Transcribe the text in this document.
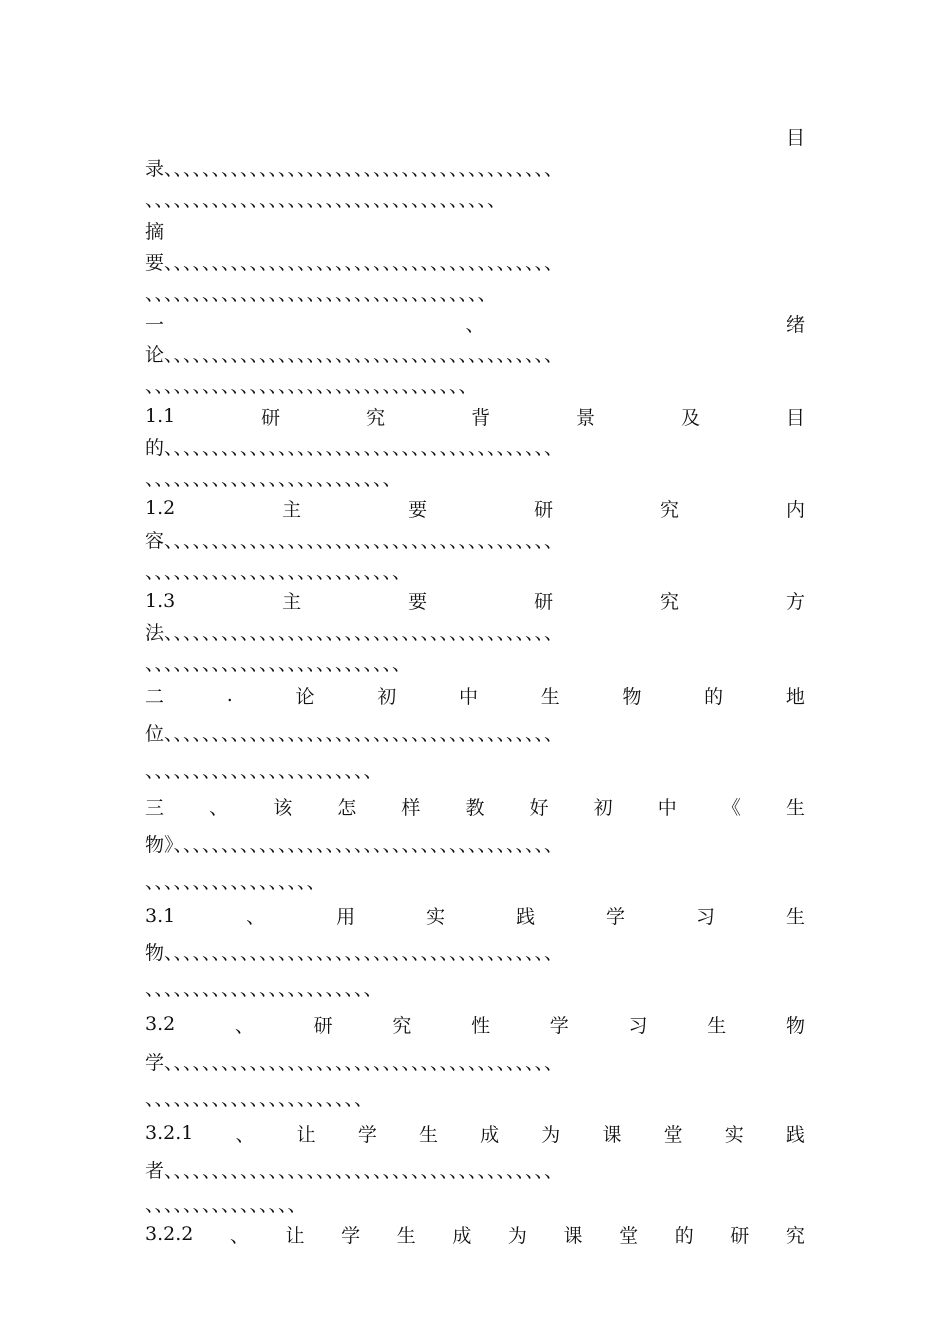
目
录、、、、、、、、、、、、、、、、、、、、、、、、、、、、、、、、、、、、、、、、、
、、、、、、、、、、、、、、、、、、、、、、、、、、、、、、、、、、、、、
摘
要、、、、、、、、、、、、、、、、、、、、、、、、、、、、、、、、、、、、、、、、、
、、、、、、、、、、、、、、、、、、、、、、、、、、、、、、、、、、、、
一	、	绪
论、、、、、、、、、、、、、、、、、、、、、、、、、、、、、、、、、、、、、、、、、
、、、、、、、、、、、、、、、、、、、、、、、、、、、、、、、、、、
1.1	研	究	背	景	及	目
的、、、、、、、、、、、、、、、、、、、、、、、、、、、、、、、、、、、、、、、、、
、、、、、、、、、、、、、、、、、、、、、、、、、、
1.2	主	要	研	究	内
容、、、、、、、、、、、、、、、、、、、、、、、、、、、、、、、、、、、、、、、、、
、、、、、、、、、、、、、、、、、、、、、、、、、、、
1.3	主	要	研	究	方
法、、、、、、、、、、、、、、、、、、、、、、、、、、、、、、、、、、、、、、、、、
、、、、、、、、、、、、、、、、、、、、、、、、、、、
二	.	论	初	中	生	物	的	地
位、、、、、、、、、、、、、、、、、、、、、、、、、、、、、、、、、、、、、、、、、
、、、、、、、、、、、、、、、、、、、、、、、、
三 、 该 怎 样 教 好 初 中 《 生
物》、、、、、、、、、、、、、、、、、、、、、、、、、、、、、、、、、、、、、、、、
、、、、、、、、、、、、、、、、、、
3.1	、	用	实	践	学	习	生
物、、、、、、、、、、、、、、、、、、、、、、、、、、、、、、、、、、、、、、、、、
、、、、、、、、、、、、、、、、、、、、、、、、
3.2	、	研	究	性	学	习	生	物
学、、、、、、、、、、、、、、、、、、、、、、、、、、、、、、、、、、、、、、、、、
、、、、、、、、、、、、、、、、、、、、、、、
3.2.1 、 让 学 生 成 为 课 堂 实 践
者、、、、、、、、、、、、、、、、、、、、、、、、、、、、、、、、、、、、、、、、、
、、、、、、、、、、、、、、、、
3.2.2 、 让 学 生 成 为 课 堂 的 研 究
